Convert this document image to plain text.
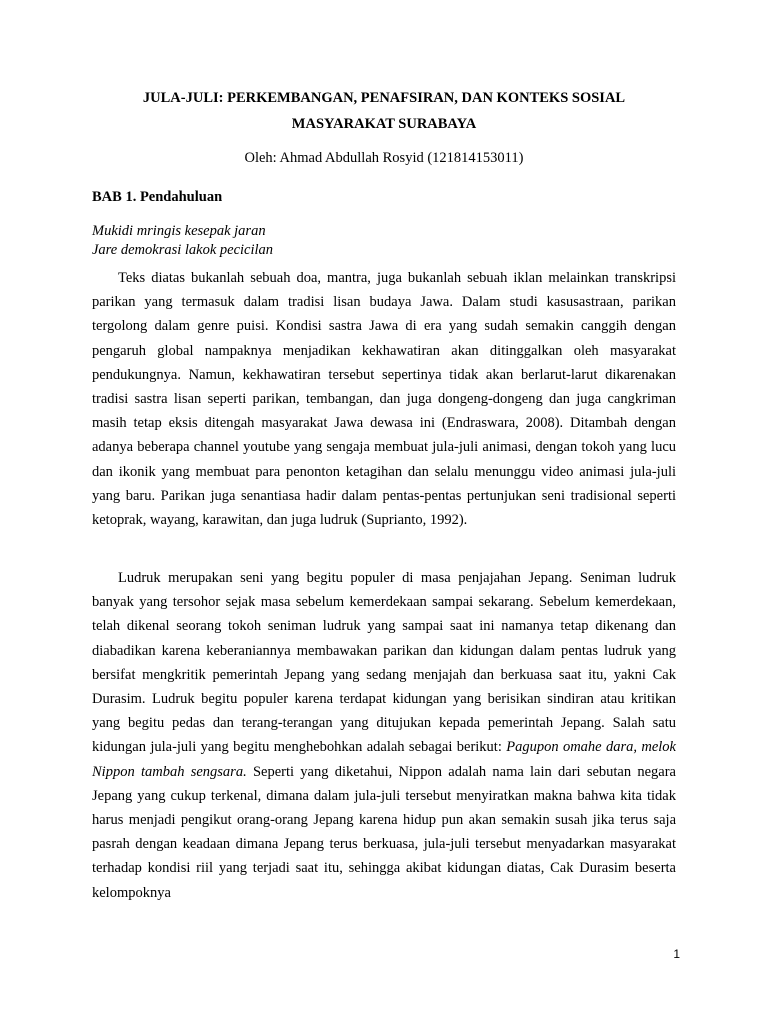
JULA-JULI: PERKEMBANGAN, PENAFSIRAN, DAN KONTEKS SOSIAL
MASYARAKAT SURABAYA

Oleh: Ahmad Abdullah Rosyid (121814153011)

BAB 1. Pendahuluan

Mukidi mringis kesepak jaran
Jare demokrasi lakok pecicilan

Teks diatas bukanlah sebuah doa, mantra, juga bukanlah sebuah iklan melainkan transkripsi parikan yang termasuk dalam tradisi lisan budaya Jawa. Dalam studi kasusastraan, parikan tergolong dalam genre puisi. Kondisi sastra Jawa di era yang sudah semakin canggih dengan pengaruh global nampaknya menjadikan kekhawatiran akan ditinggalkan oleh masyarakat pendukungnya. Namun, kekhawatiran tersebut sepertinya tidak akan berlarut-larut dikarenakan tradisi sastra lisan seperti parikan, tembangan, dan juga dongeng-dongeng dan juga cangkriman masih tetap eksis ditengah masyarakat Jawa dewasa ini (Endraswara, 2008). Ditambah dengan adanya beberapa channel youtube yang sengaja membuat jula-juli animasi, dengan tokoh yang lucu dan ikonik yang membuat para penonton ketagihan dan selalu menunggu video animasi jula-juli yang baru. Parikan juga senantiasa hadir dalam pentas-pentas pertunjukan seni tradisional seperti ketoprak, wayang, karawitan, dan juga ludruk (Suprianto, 1992).

Ludruk merupakan seni yang begitu populer di masa penjajahan Jepang. Seniman ludruk banyak yang tersohor sejak masa sebelum kemerdekaan sampai sekarang. Sebelum kemerdekaan, telah dikenal seorang tokoh seniman ludruk yang sampai saat ini namanya tetap dikenang dan diabadikan karena keberaniannya membawakan parikan dan kidungan dalam pentas ludruk yang bersifat mengkritik pemerintah Jepang yang sedang menjajah dan berkuasa saat itu, yakni Cak Durasim. Ludruk begitu populer karena terdapat kidungan yang berisikan sindiran atau kritikan yang begitu pedas dan terang-terangan yang ditujukan kepada pemerintah Jepang. Salah satu kidungan jula-juli yang begitu menghebohkan adalah sebagai berikut: Pagupon omahe dara, melok Nippon tambah sengsara. Seperti yang diketahui, Nippon adalah nama lain dari sebutan negara Jepang yang cukup terkenal, dimana dalam jula-juli tersebut menyiratkan makna bahwa kita tidak harus menjadi pengikut orang-orang Jepang karena hidup pun akan semakin susah jika terus saja pasrah dengan keadaan dimana Jepang terus berkuasa, jula-juli tersebut menyadarkan masyarakat terhadap kondisi riil yang terjadi saat itu, sehingga akibat kidungan diatas, Cak Durasim beserta kelompoknya

1
